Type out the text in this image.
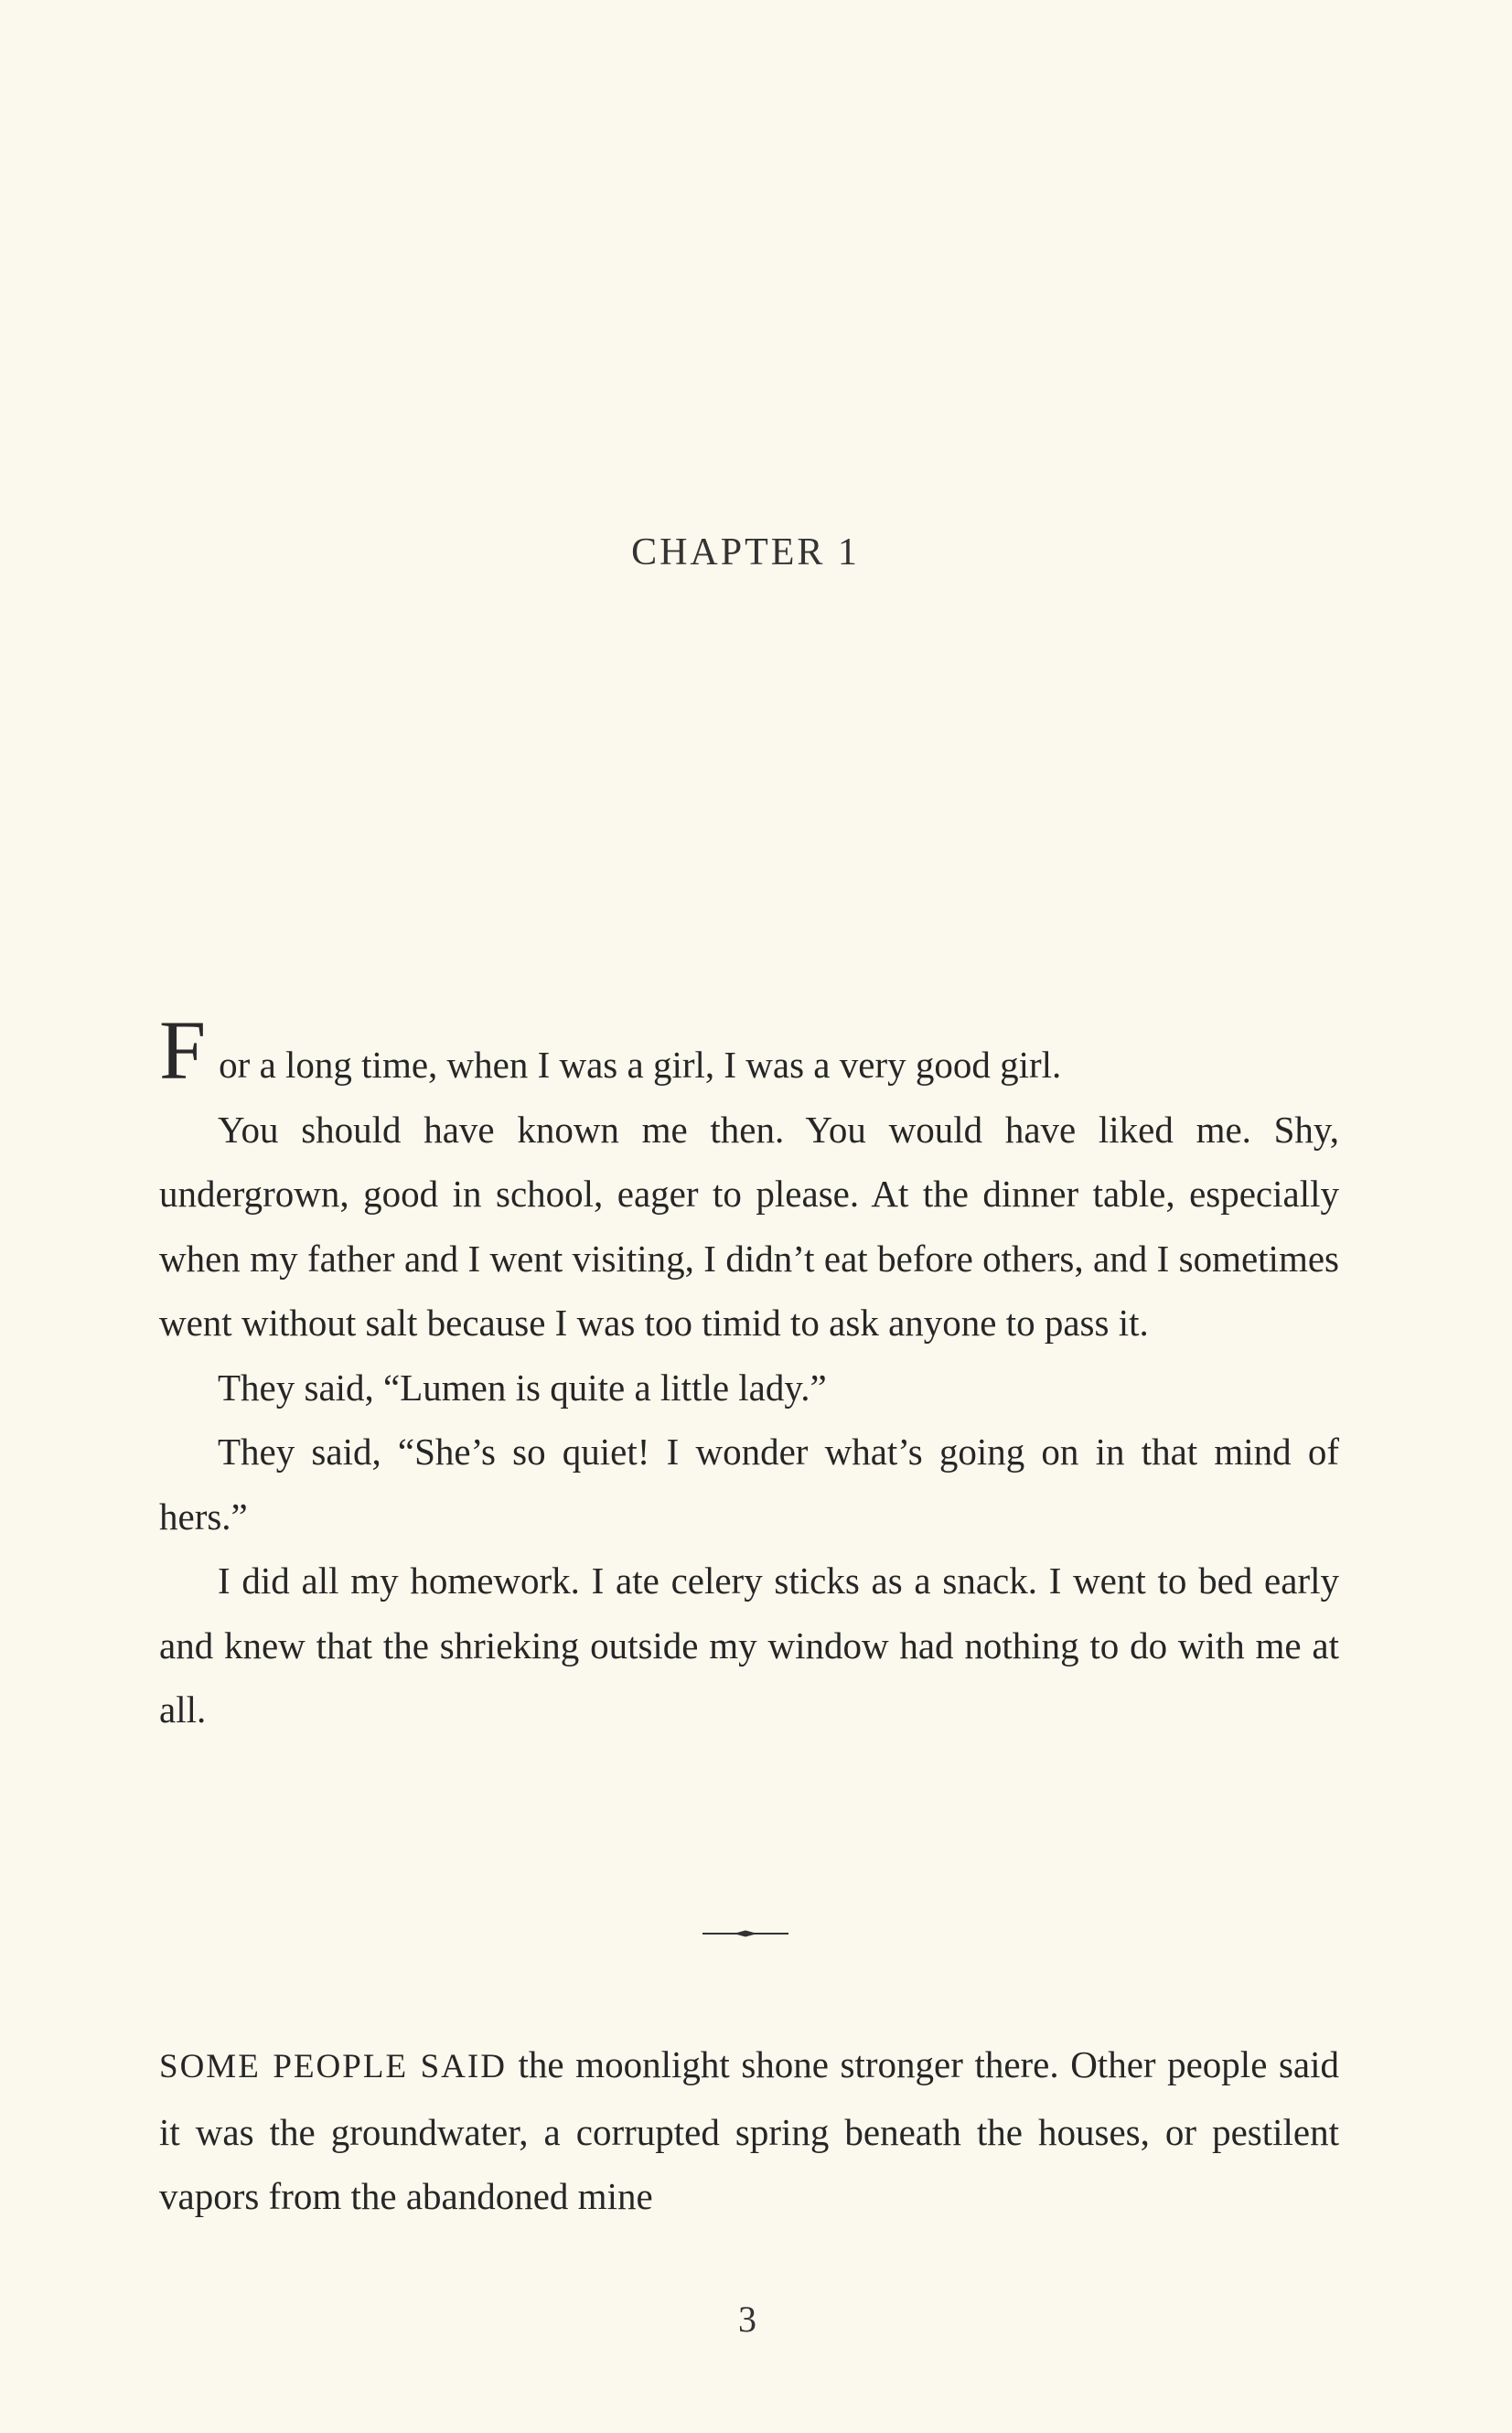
CHAPTER 1

For a long time, when I was a girl, I was a very good girl.

You should have known me then. You would have liked me. Shy, undergrown, good in school, eager to please. At the dinner table, especially when my father and I went visiting, I didn’t eat before others, and I sometimes went without salt because I was too timid to ask anyone to pass it.

They said, “Lumen is quite a little lady.”

They said, “She’s so quiet! I wonder what’s going on in that mind of hers.”

I did all my homework. I ate celery sticks as a snack. I went to bed early and knew that the shrieking outside my window had nothing to do with me at all.

SOME PEOPLE SAID the moonlight shone stronger there. Other people said it was the groundwater, a corrupted spring beneath the houses, or pestilent vapors from the abandoned mine

3
